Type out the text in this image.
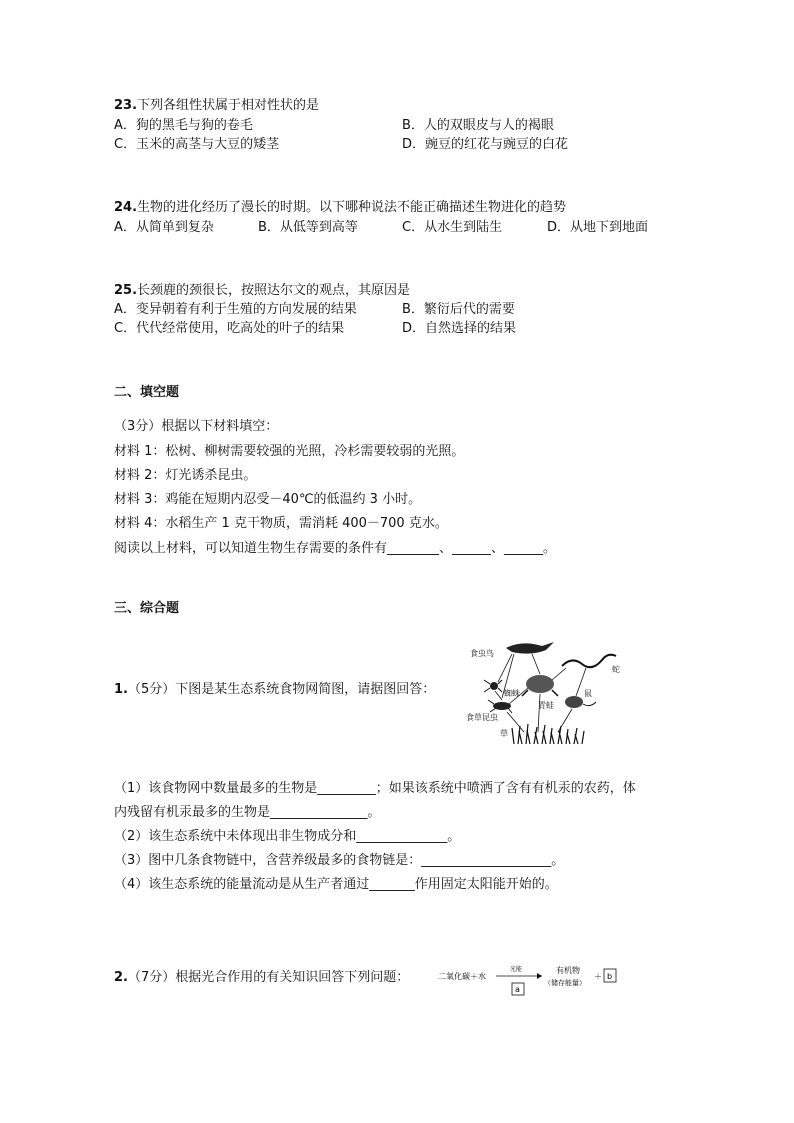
23.下列各组性状属于相对性状的是
A．狗的黑毛与狗的卷毛	B．人的双眼皮与人的褐眼
C．玉米的高茎与大豆的矮茎	D．豌豆的红花与豌豆的白花
24.生物的进化经历了漫长的时期。以下哪种说法不能正确描述生物进化的趋势
A．从简单到复杂	B．从低等到高等	C．从水生到陆生	D．从地下到地面
25.长颈鹿的颈很长，按照达尔文的观点，其原因是
A．变异朝着有利于生殖的方向发展的结果	B．繁衍后代的需要
C．代代经常使用，吃高处的叶子的结果	D．自然选择的结果
二、填空题
（3分）根据以下材料填空：
材料 1：松树、柳树需要较强的光照，冷杉需要较弱的光照。
材料 2：灯光诱杀昆虫。
材料 3：鸡能在短期内忍受－40℃的低温约 3 小时。
材料 4：水稻生产 1 克干物质，需消耗 400－700 克水。
阅读以上材料，可以知道生物生存需要的条件有________、______、______。
三、综合题
1.（5分）下图是某生态系统食物网简图，请据图回答：
食虫鸟
蛇
蜘蛛
青蛙
鼠
食草昆虫
草
（1）该食物网中数量最多的生物是_________；如果该系统中喷洒了含有有机汞的农药，体
内残留有机汞最多的生物是_______________。
（2）该生态系统中未体现出非生物成分和______________。
（3）图中几条食物链中，含营养级最多的食物链是：____________________。
（4）该生态系统的能量流动是从生产者通过_______作用固定太阳能开始的。
2.（7分）根据光合作用的有关知识回答下列问题：	二氧化碳＋水
光能
a
有机物
（储存能量）
＋ b
